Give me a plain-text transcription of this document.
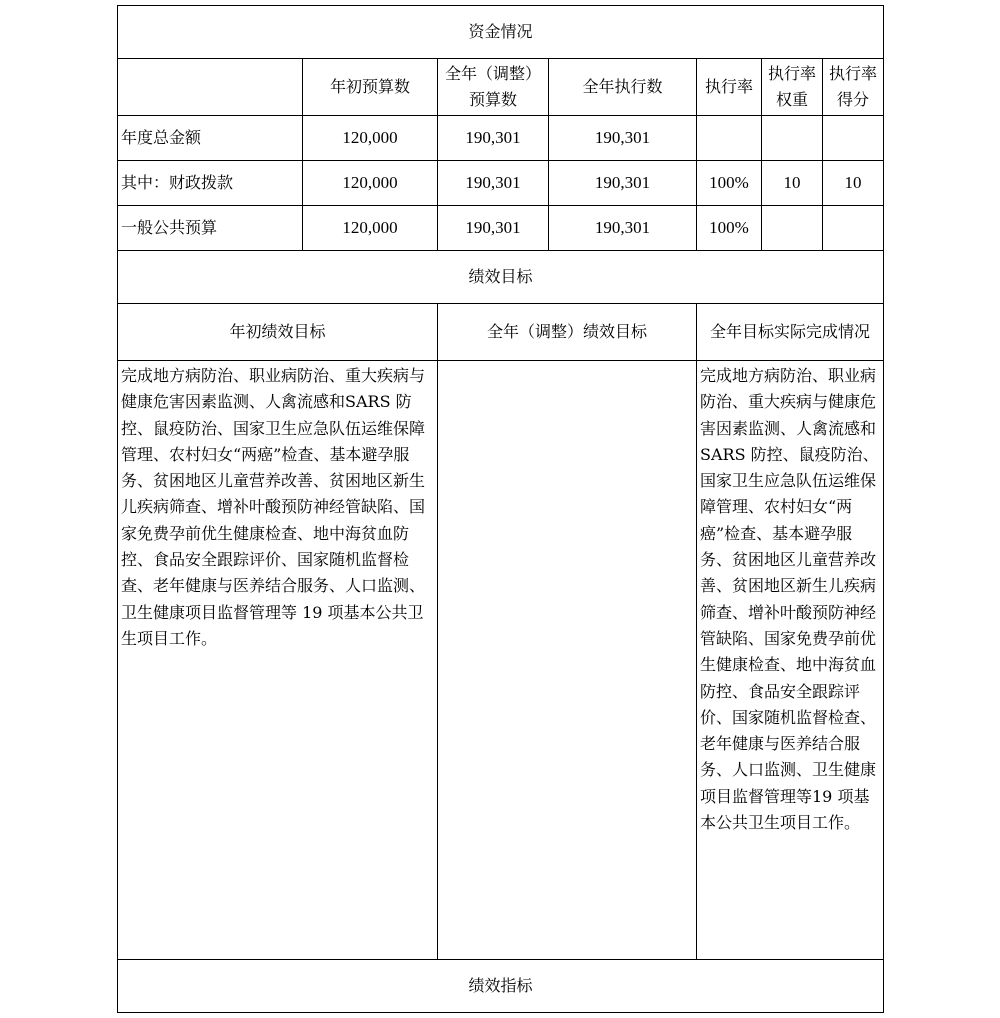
资金情况						
	年初预算数	全年（调整）预算数	全年执行数	执行率	执行率权重	执行率得分
年度总金额	120,000	190,301	190,301			
其中：财政拨款	120,000	190,301	190,301	100%	10	10
一般公共预算	120,000	190,301	190,301	100%		
绩效目标						
年初绩效目标		全年（调整）绩效目标		全年目标实际完成情况		
完成地方病防治、职业病防治、重大疾病与健康危害因素监测、人禽流感和SARS 防控、鼠疫防治、国家卫生应急队伍运维保障管理、农村妇女“两癌”检查、基本避孕服务、贫困地区儿童营养改善、贫困地区新生儿疾病筛查、增补叶酸预防神经管缺陷、国家免费孕前优生健康检查、地中海贫血防控、食品安全跟踪评价、国家随机监督检查、老年健康与医养结合服务、人口监测、卫生健康项目监督管理等 19 项基本公共卫生项目工作。				完成地方病防治、职业病防治、重大疾病与健康危害因素监测、人禽流感和 SARS 防控、鼠疫防治、国家卫生应急队伍运维保障管理、农村妇女“两癌”检查、基本避孕服务、贫困地区儿童营养改善、贫困地区新生儿疾病筛查、增补叶酸预防神经管缺陷、国家免费孕前优生健康检查、地中海贫血防控、食品安全跟踪评价、国家随机监督检查、老年健康与医养结合服务、人口监测、卫生健康项目监督管理等19 项基本公共卫生项目工作。		
绩效指标						
